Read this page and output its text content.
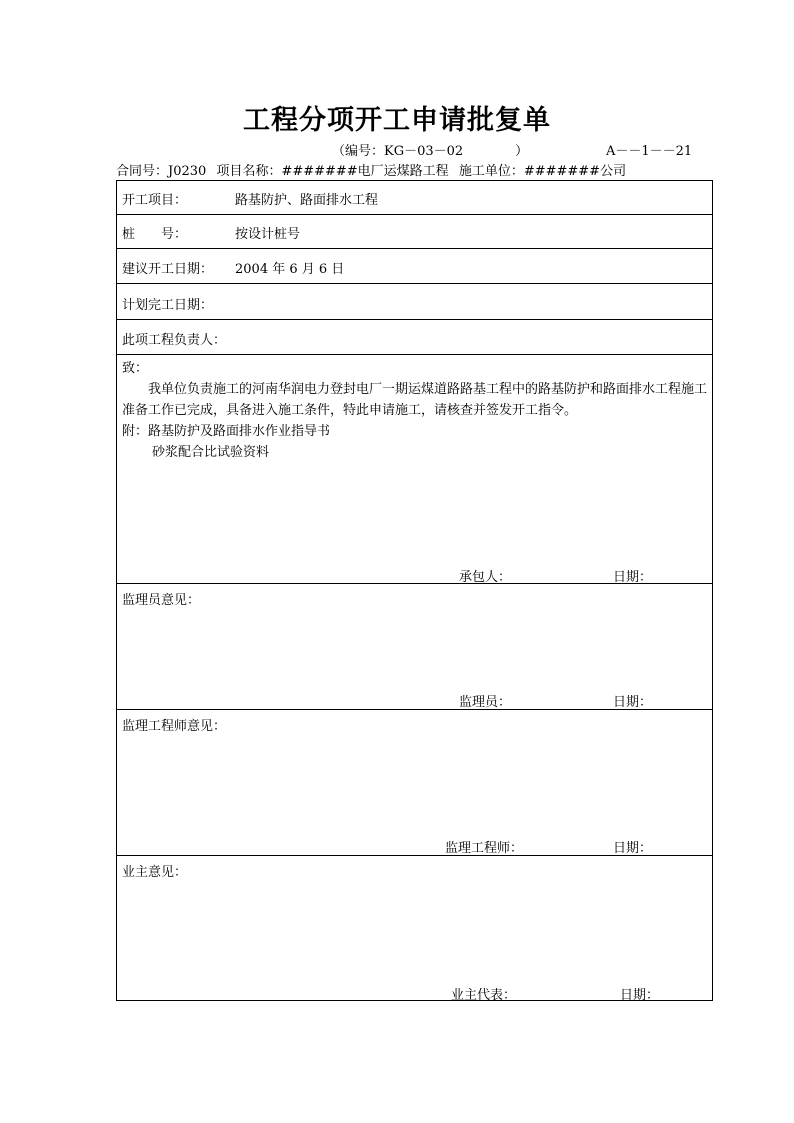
工程分项开工申请批复单
（编号：KG－03－02　　　　）	A－－1－－21
合同号：J0230 项目名称：#######电厂运煤路工程 施工单位：#######公司
开工项目：	路基防护、路面排水工程
桩　　号：	按设计桩号
建议开工日期： 2004 年 6 月 6 日
计划完工日期：
此项工程负责人：
致：
我单位负责施工的河南华润电力登封电厂一期运煤道路路基工程中的路基防护和路面排水工程施工准备工作已完成，具备进入施工条件，特此申请施工，请核查并签发开工指令。
附：路基防护及路面排水作业指导书
砂浆配合比试验资料
承包人：	日期：
监理员意见：
监理员：	日期：
监理工程师意见：
监理工程师：	日期：
业主意见：
业主代表：	日期：
